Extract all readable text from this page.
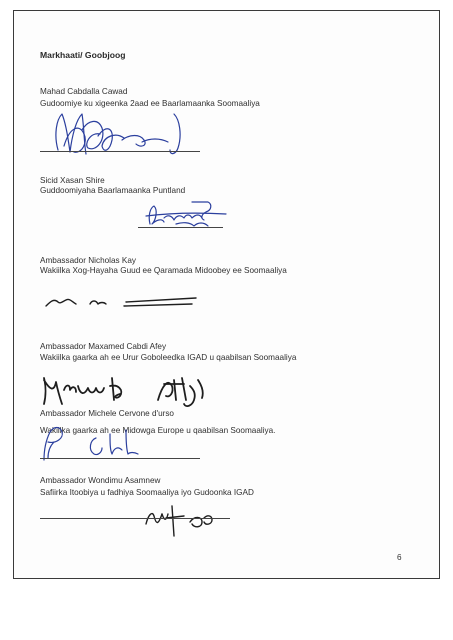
Markhaati/ Goobjoog
Mahad Cabdalla Cawad
Gudoomiye ku xigeenka 2aad ee Baarlamaanka Soomaaliya
Sicid Xasan Shire
Guddoomiyaha Baarlamaanka Puntland
Ambassador Nicholas Kay
Wakiilka Xog-Hayaha Guud ee Qaramada Midoobey ee Soomaaliya
Ambassador Maxamed Cabdi Afey
Wakiilka gaarka ah ee Urur Goboleedka IGAD u qaabilsan Soomaaliya
Ambassador Michele Cervone d'urso
Wakiilka gaarka ah ee Midowga Europe u qaabilsan Soomaaliya.
Ambassador Wondimu Asamnew
Safiirka Itoobiya u fadhiya Soomaaliya iyo Gudoonka IGAD
6
